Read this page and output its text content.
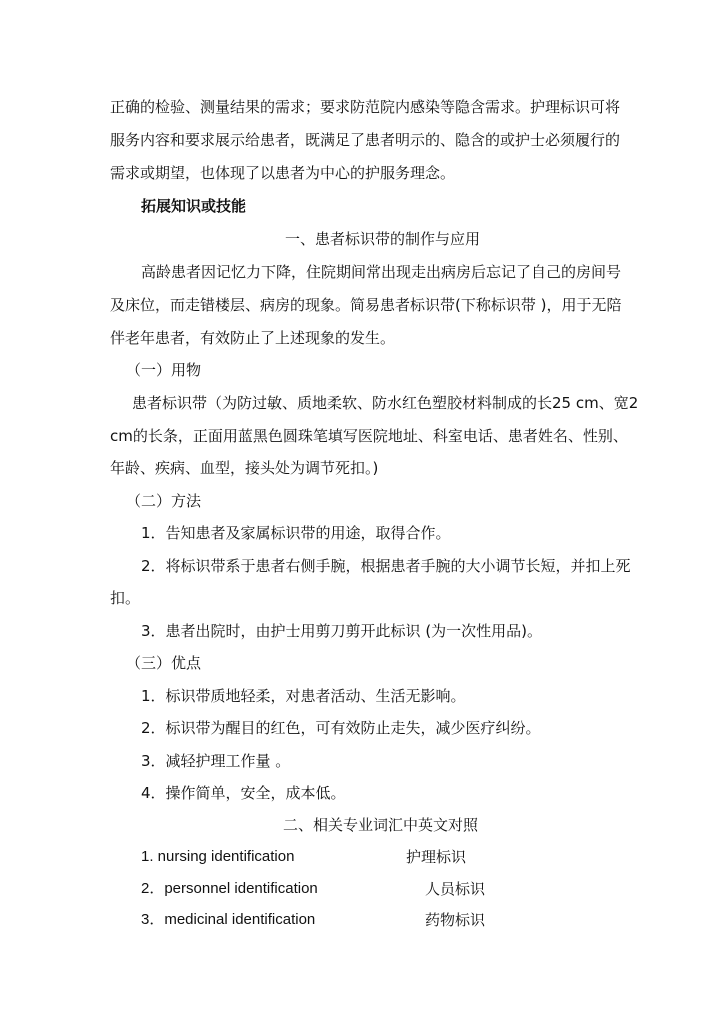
正确的检验、测量结果的需求；要求防范院内感染等隐含需求。护理标识可将
服务内容和要求展示给患者，既满足了患者明示的、隐含的或护士必须履行的
需求或期望，也体现了以患者为中心的护服务理念。
拓展知识或技能
一、患者标识带的制作与应用
高龄患者因记忆力下降，住院期间常出现走出病房后忘记了自己的房间号
及床位，而走错楼层、病房的现象。简易患者标识带(下称标识带 )，用于无陪
伴老年患者，有效防止了上述现象的发生。
（一）用物
患者标识带（为防过敏、质地柔软、防水红色塑胶材料制成的长25 cm、宽2
cm的长条，正面用蓝黑色圆珠笔填写医院地址、科室电话、患者姓名、性别、
年龄、疾病、血型，接头处为调节死扣。)
（二）方法
1．告知患者及家属标识带的用途，取得合作。
2．将标识带系于患者右侧手腕，根据患者手腕的大小调节长短，并扣上死
扣。
3．患者出院时，由护士用剪刀剪开此标识 (为一次性用品)。
（三）优点
1．标识带质地轻柔，对患者活动、生活无影响。
2．标识带为醒目的红色，可有效防止走失，减少医疗纠纷。
3．减轻护理工作量 。
4．操作简单，安全，成本低。
二、相关专业词汇中英文对照
1. nursing identification	护理标识
2．personnel identification	人员标识
3．medicinal identification	药物标识
